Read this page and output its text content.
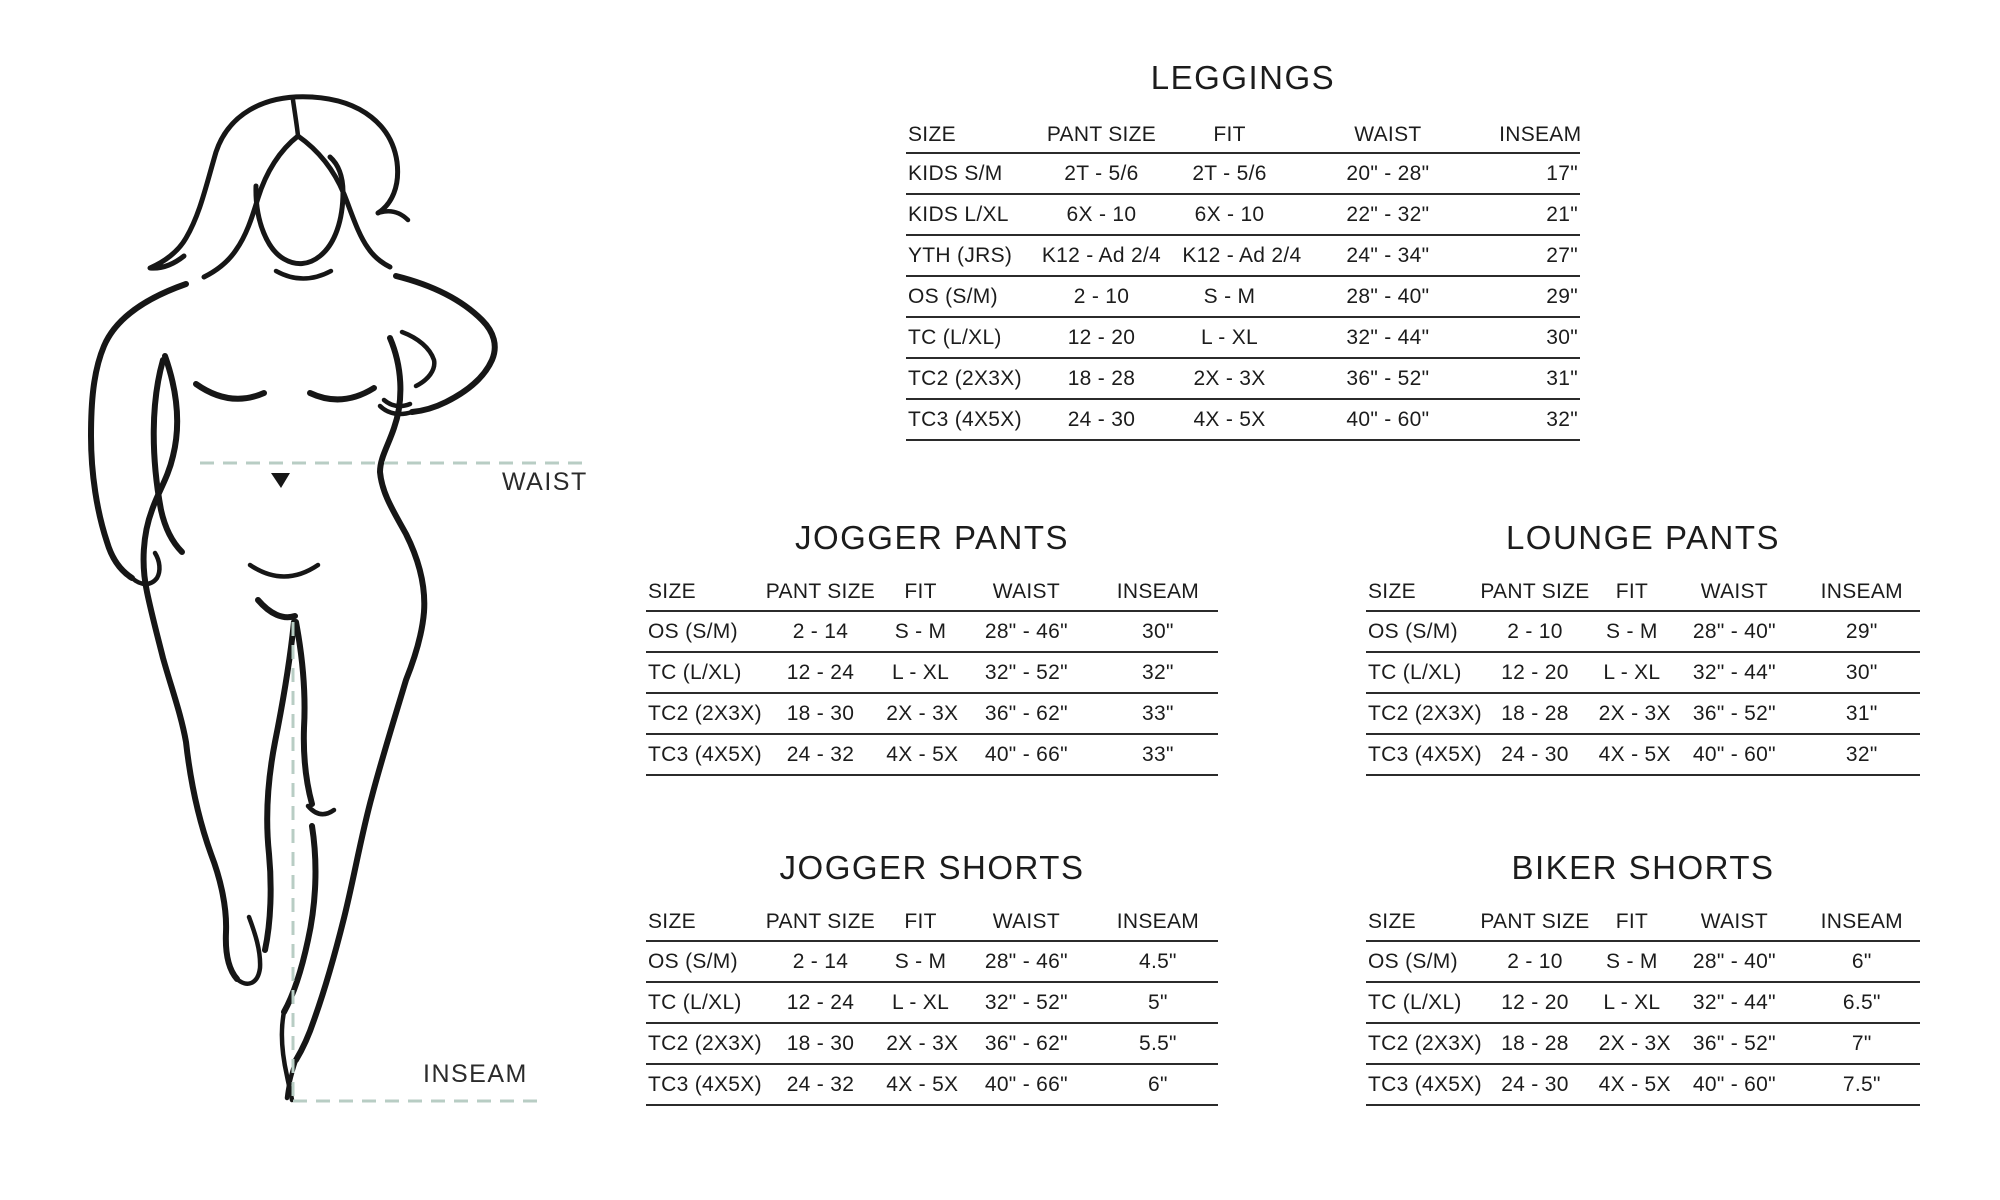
WAIST
INSEAM
LEGGINGS
SIZE	PANT SIZE	FIT	WAIST	INSEAM
KIDS S/M	2T - 5/6	2T - 5/6	20" - 28"	17"
KIDS L/XL	6X - 10	6X - 10	22" - 32"	21"
YTH (JRS)	K12 - Ad 2/4	K12 - Ad 2/4	24" - 34"	27"
OS (S/M)	2 - 10	S - M	28" - 40"	29"
TC (L/XL)	12 - 20	L - XL	32" - 44"	30"
TC2 (2X3X)	18 - 28	2X - 3X	36" - 52"	31"
TC3 (4X5X)	24 - 30	4X - 5X	40" - 60"	32"
JOGGER PANTS
SIZE	PANT SIZE	FIT	WAIST	INSEAM
OS (S/M)	2 - 14	S - M	28" - 46"	30"
TC (L/XL)	12 - 24	L - XL	32" - 52"	32"
TC2 (2X3X)	18 - 30	2X - 3X	36" - 62"	33"
TC3 (4X5X)	24 - 32	4X - 5X	40" - 66"	33"
LOUNGE PANTS
SIZE	PANT SIZE	FIT	WAIST	INSEAM
OS (S/M)	2 - 10	S - M	28" - 40"	29"
TC (L/XL)	12 - 20	L - XL	32" - 44"	30"
TC2 (2X3X) 18 - 28	2X - 3X	36" - 52"	31"
TC3 (4X5X) 24 - 30	4X - 5X	40" - 60"	32"
JOGGER SHORTS
SIZE	PANT SIZE	FIT	WAIST	INSEAM
OS (S/M)	2 - 14	S - M	28" - 46"	4.5"
TC (L/XL)	12 - 24	L - XL	32" - 52"	5"
TC2 (2X3X)	18 - 30	2X - 3X	36" - 62"	5.5"
TC3 (4X5X)	24 - 32	4X - 5X	40" - 66"	6"
BIKER SHORTS
SIZE	PANT SIZE	FIT	WAIST	INSEAM
OS (S/M)	2 - 10	S - M	28" - 40"	6"
TC (L/XL)	12 - 20	L - XL	32" - 44"	6.5"
TC2 (2X3X) 18 - 28	2X - 3X	36" - 52"	7"
TC3 (4X5X) 24 - 30	4X - 5X	40" - 60"	7.5"
